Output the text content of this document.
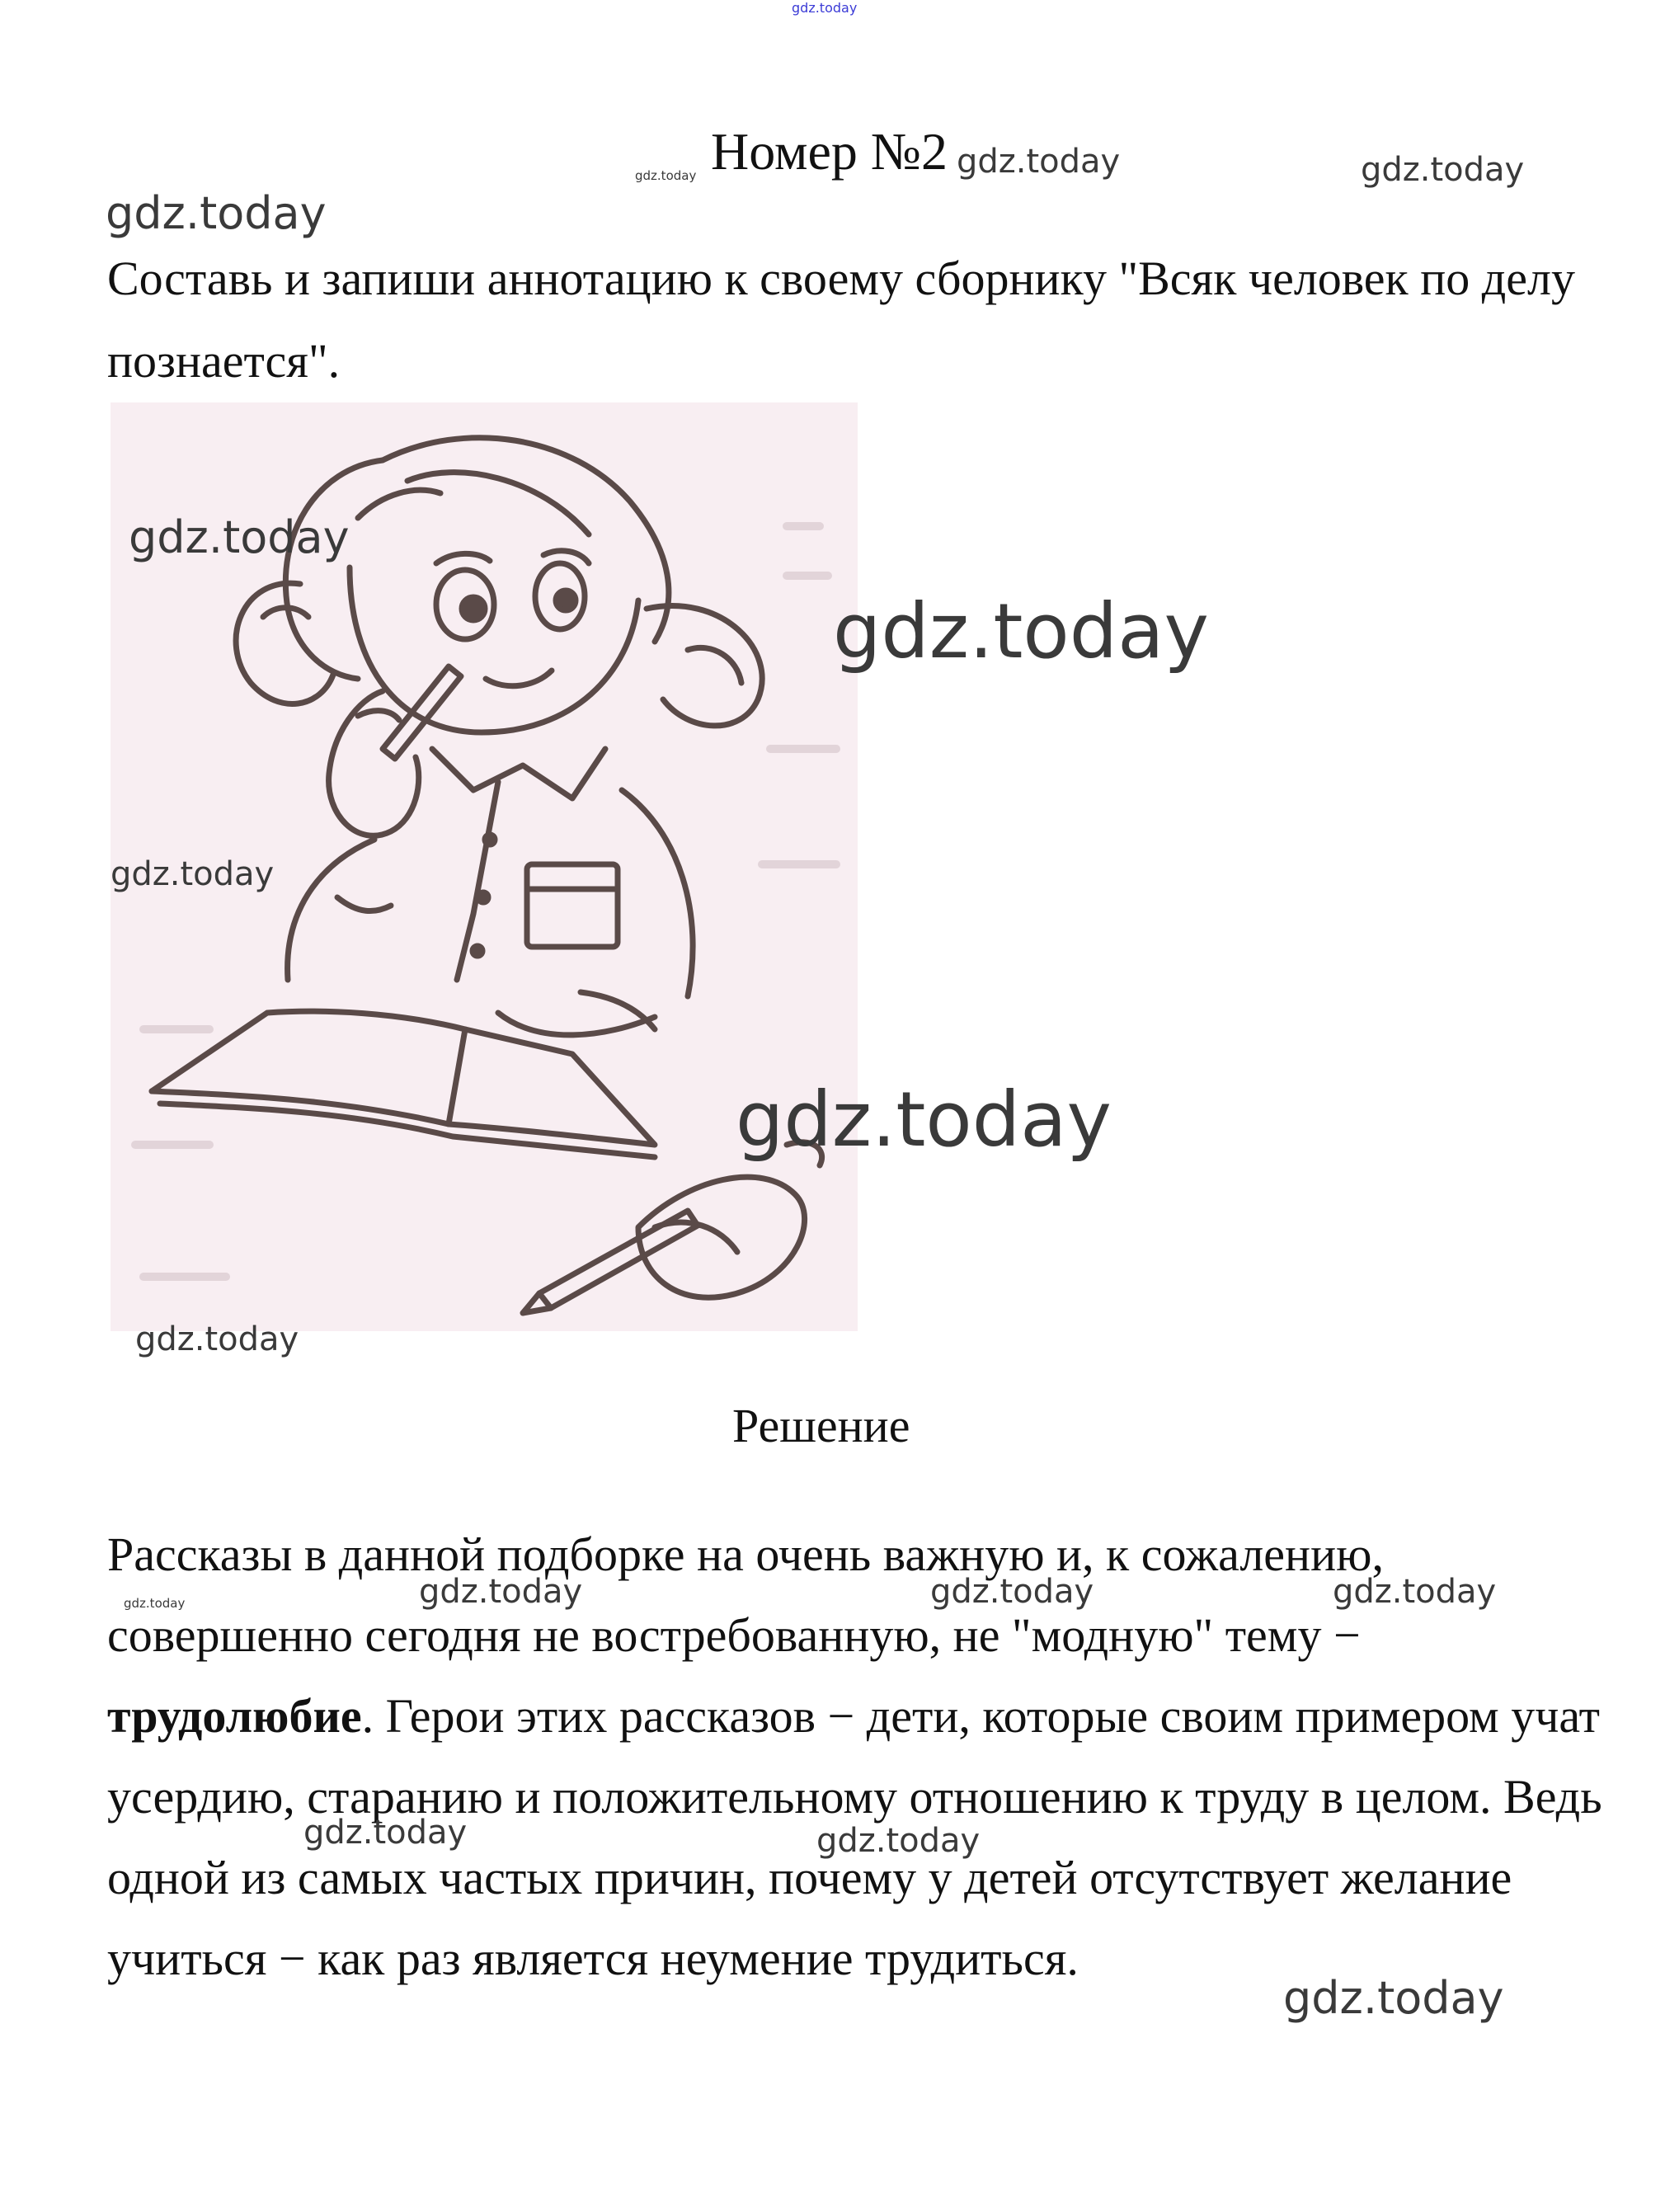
gdz.today
gdz.today	gdz.today	gdz.today
gdz.today
Номер №2

Составь и запиши аннотацию к своему сборнику "Всяк человек по делу познается".

gdz.today
gdz.today
gdz.today
gdz.today
gdz.today
Решение

Рассказы в данной подборке на очень важную и, к сожалению, совершенно сегодня не востребованную, не "модную" тему − трудолюбие. Герои этих рассказов − дети, которые своим примером учат усердию, старанию и положительному отношению к труду в целом. Ведь одной из самых частых причин, почему у детей отсутствует желание учиться − как раз является неумение трудиться.

gdz.today	gdz.today	gdz.today	gdz.today
gdz.today	gdz.today
gdz.today
